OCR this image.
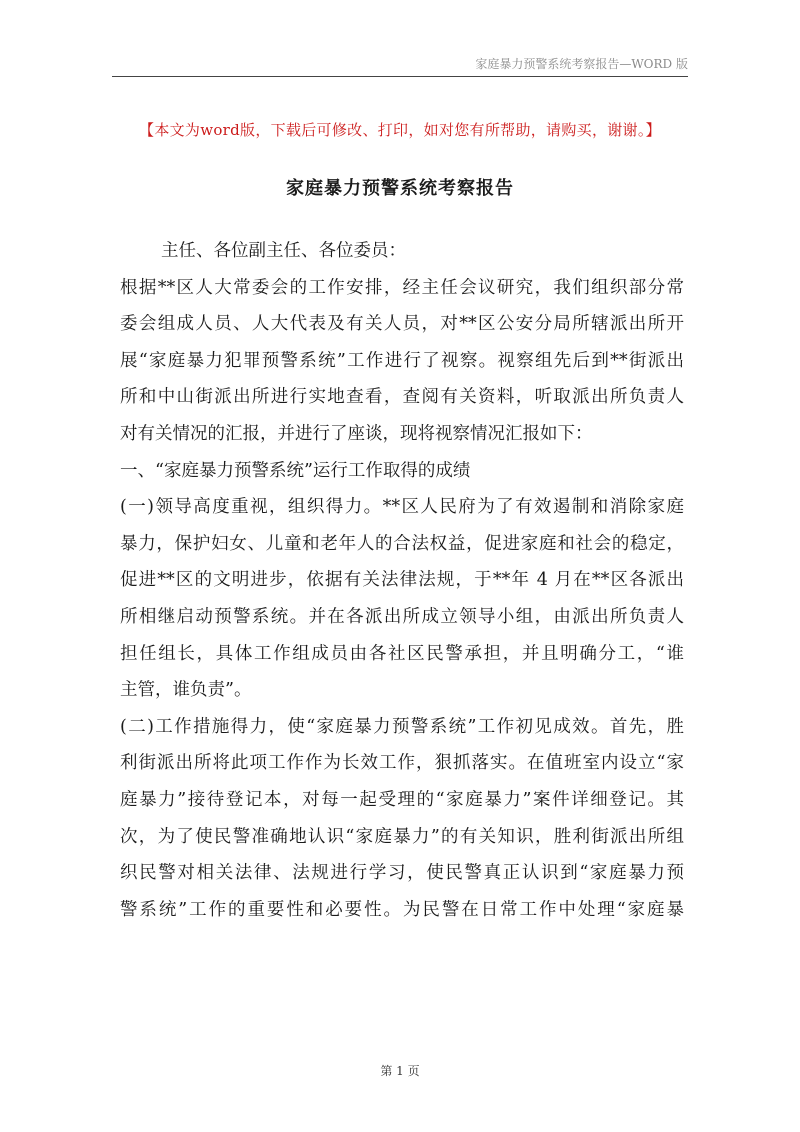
家庭暴力预警系统考察报告—WORD 版
【本文为word版，下载后可修改、打印，如对您有所帮助，请购买，谢谢。】
家庭暴力预警系统考察报告
主任、各位副主任、各位委员：
根据**区人大常委会的工作安排，经主任会议研究，我们组织部分常
委会组成人员、人大代表及有关人员，对**区公安分局所辖派出所开
展“家庭暴力犯罪预警系统”工作进行了视察。视察组先后到**街派出
所和中山街派出所进行实地查看，查阅有关资料，听取派出所负责人
对有关情况的汇报，并进行了座谈，现将视察情况汇报如下：
一、“家庭暴力预警系统”运行工作取得的成绩
(一)领导高度重视，组织得力。**区人民府为了有效遏制和消除家庭
暴力，保护妇女、儿童和老年人的合法权益，促进家庭和社会的稳定，
促进**区的文明进步，依据有关法律法规，于**年 4 月在**区各派出
所相继启动预警系统。并在各派出所成立领导小组，由派出所负责人
担任组长，具体工作组成员由各社区民警承担，并且明确分工，“谁
主管，谁负责”。
(二)工作措施得力，使“家庭暴力预警系统”工作初见成效。首先，胜
利街派出所将此项工作作为长效工作，狠抓落实。在值班室内设立“家
庭暴力”接待登记本，对每一起受理的“家庭暴力”案件详细登记。其
次，为了使民警准确地认识“家庭暴力”的有关知识，胜利街派出所组
织民警对相关法律、法规进行学习，使民警真正认识到“家庭暴力预
警系统”工作的重要性和必要性。为民警在日常工作中处理“家庭暴
第 1 页
